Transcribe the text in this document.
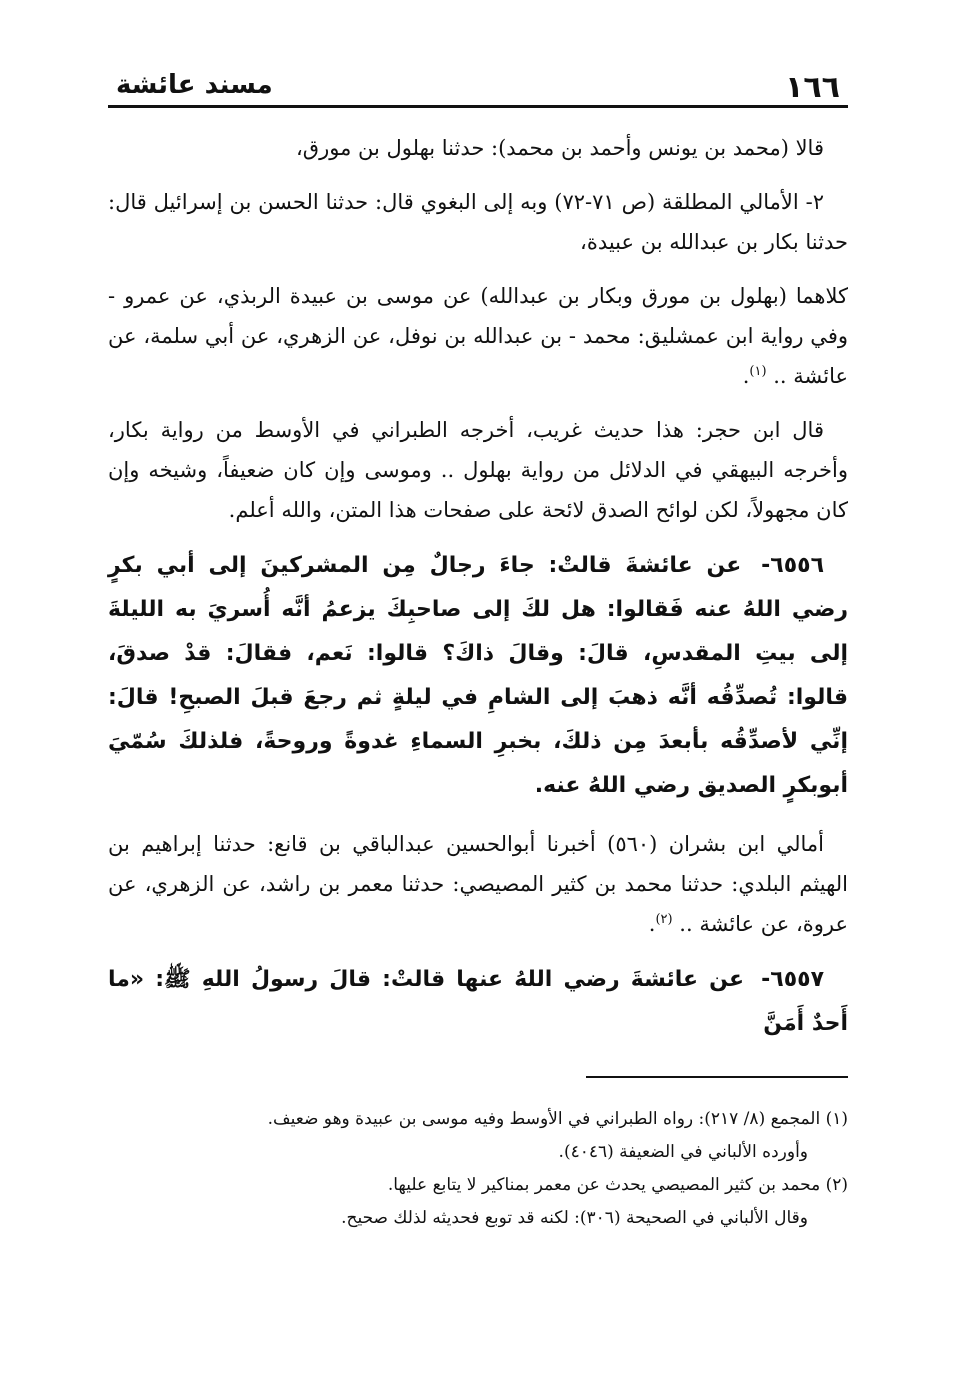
١٦٦
مسند عائشة

قالا (محمد بن يونس وأحمد بن محمد): حدثنا بهلول بن مورق،

٢- الأمالي المطلقة (ص ٧١-٧٢) وبه إلى البغوي قال: حدثنا الحسن بن إسرائيل قال: حدثنا بكار بن عبدالله بن عبيدة،

كلاهما (بهلول بن مورق وبكار بن عبدالله) عن موسى بن عبيدة الربذي، عن عمرو - وفي رواية ابن عمشليق: محمد - بن عبدالله بن نوفل، عن الزهري، عن أبي سلمة، عن عائشة .. $^{(١)}$.

قال ابن حجر: هذا حديث غريب، أخرجه الطبراني في الأوسط من رواية بكار، وأخرجه البيهقي في الدلائل من رواية بهلول .. وموسى وإن كان ضعيفاً، وشيخه وإن كان مجهولاً، لكن لوائح الصدق لائحة على صفحات هذا المتن، والله أعلم.

٦٥٥٦- عن عائشةَ قالتْ: جاءَ رجالٌ مِن المشركينَ إلى أبي بكرٍ رضي اللهُ عنه فَقالوا: هل لكَ إلى صاحبِكَ يزعمُ أنَّه أُسريَ به الليلةَ إلى بيتِ المقدسِ، قالَ: وقالَ ذاكَ؟ قالوا: نَعم، فقالَ: قدْ صدقَ، قالوا: تُصدِّقُه أنَّه ذهبَ إلى الشامِ في ليلةٍ ثم رجعَ قبلَ الصبحِ! قالَ: إنِّي لأصدِّقُه بأبعدَ مِن ذلكَ، بخبرِ السماءِ غدوةً وروحةً، فلذلكَ سُمّيَ أبوبكرٍ الصديق رضي اللهُ عنه.

أمالي ابن بشران (٥٦٠) أخبرنا أبوالحسين عبدالباقي بن قانع: حدثنا إبراهيم بن الهيثم البلدي: حدثنا محمد بن كثير المصيصي: حدثنا معمر بن راشد، عن الزهري، عن عروة، عن عائشة .. $^{(٢)}$.

٦٥٥٧- عن عائشةَ رضي اللهُ عنها قالتْ: قالَ رسولُ اللهِ ﷺ: «ما أَحدٌ أَمَنَّ

(١) المجمع (٨/ ٢١٧): رواه الطبراني في الأوسط وفيه موسى بن عبيدة وهو ضعيف.
وأورده الألباني في الضعيفة (٤٠٤٦).
(٢) محمد بن كثير المصيصي يحدث عن معمر بمناكير لا يتابع عليها.
وقال الألباني في الصحيحة (٣٠٦): لكنه قد توبع فحديثه لذلك صحيح.
